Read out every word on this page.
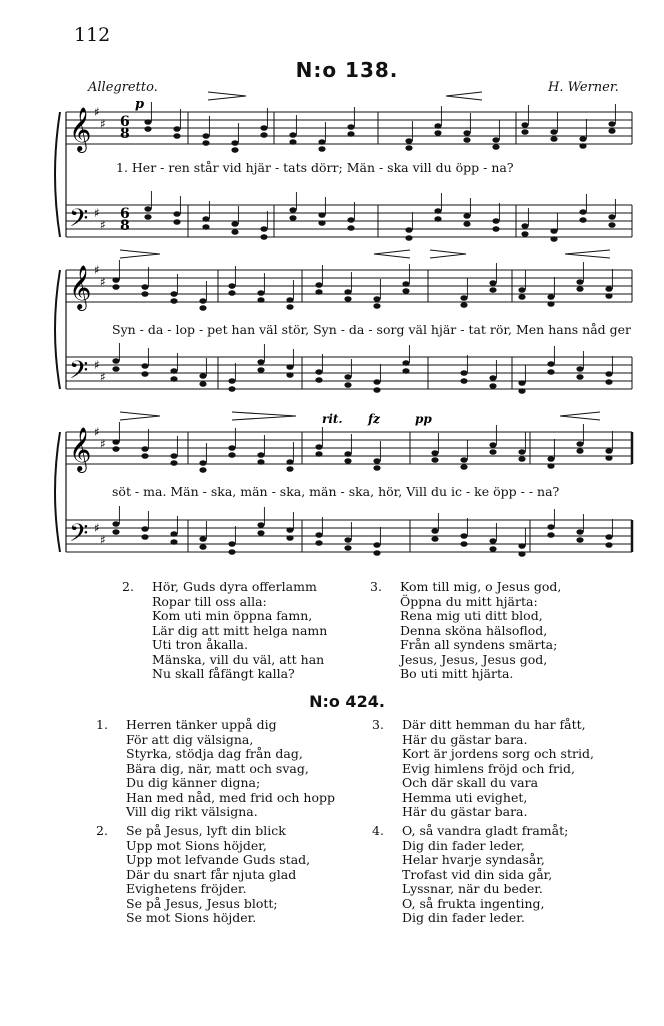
112
N:o 138.
Allegretto.	H. Werner.
𝄞
𝄢
♯
♯
♯
♯
𝄞
𝄢
♯
♯
♯
♯
𝄞
𝄢
♯
♯
♯
♯
p
rit. fz	pp
6
8
6
8
1. Her - ren står vid hjär - tats dörr; Män - ska vill du öpp - na?
Syn - da - lop - pet han väl stör, Syn - da - sorg väl hjär - tat rör, Men hans nåd ger
söt - ma. Män - ska, män - ska, män - ska, hör, Vill du ic - ke öpp - - na?
2. Hör, Guds dyra offerlamm
Ropar till oss alla:
Kom uti min öppna famn,
Lär dig att mitt helga namn
Uti tron åkalla.
Mänska, vill du väl, att han
Nu skall fåfängt kalla?
3. Kom till mig, o Jesus god,
Öppna du mitt hjärta:
Rena mig uti ditt blod,
Denna sköna hälsoflod,
Från all syndens smärta;
Jesus, Jesus, Jesus god,
Bo uti mitt hjärta.
N:o 424.
1. Herren tänker uppå dig
För att dig välsigna,
Styrka, stödja dag från dag,
Bära dig, när, matt och svag,
Du dig känner digna;
Han med nåd, med frid och hopp
Vill dig rikt välsigna.
3. Där ditt hemman du har fått,
Här du gästar bara.
Kort är jordens sorg och strid,
Evig himlens fröjd och frid,
Och där skall du vara
Hemma uti evighet,
Här du gästar bara.
2. Se på Jesus, lyft din blick
Upp mot Sions höjder,
Upp mot lefvande Guds stad,
Där du snart får njuta glad
Evighetens fröjder.
Se på Jesus, Jesus blott;
Se mot Sions höjder.
4. O, så vandra gladt framåt;
Dig din fader leder,
Helar hvarje syndasår,
Trofast vid din sida går,
Lyssnar, när du beder.
O, så frukta ingenting,
Dig din fader leder.
